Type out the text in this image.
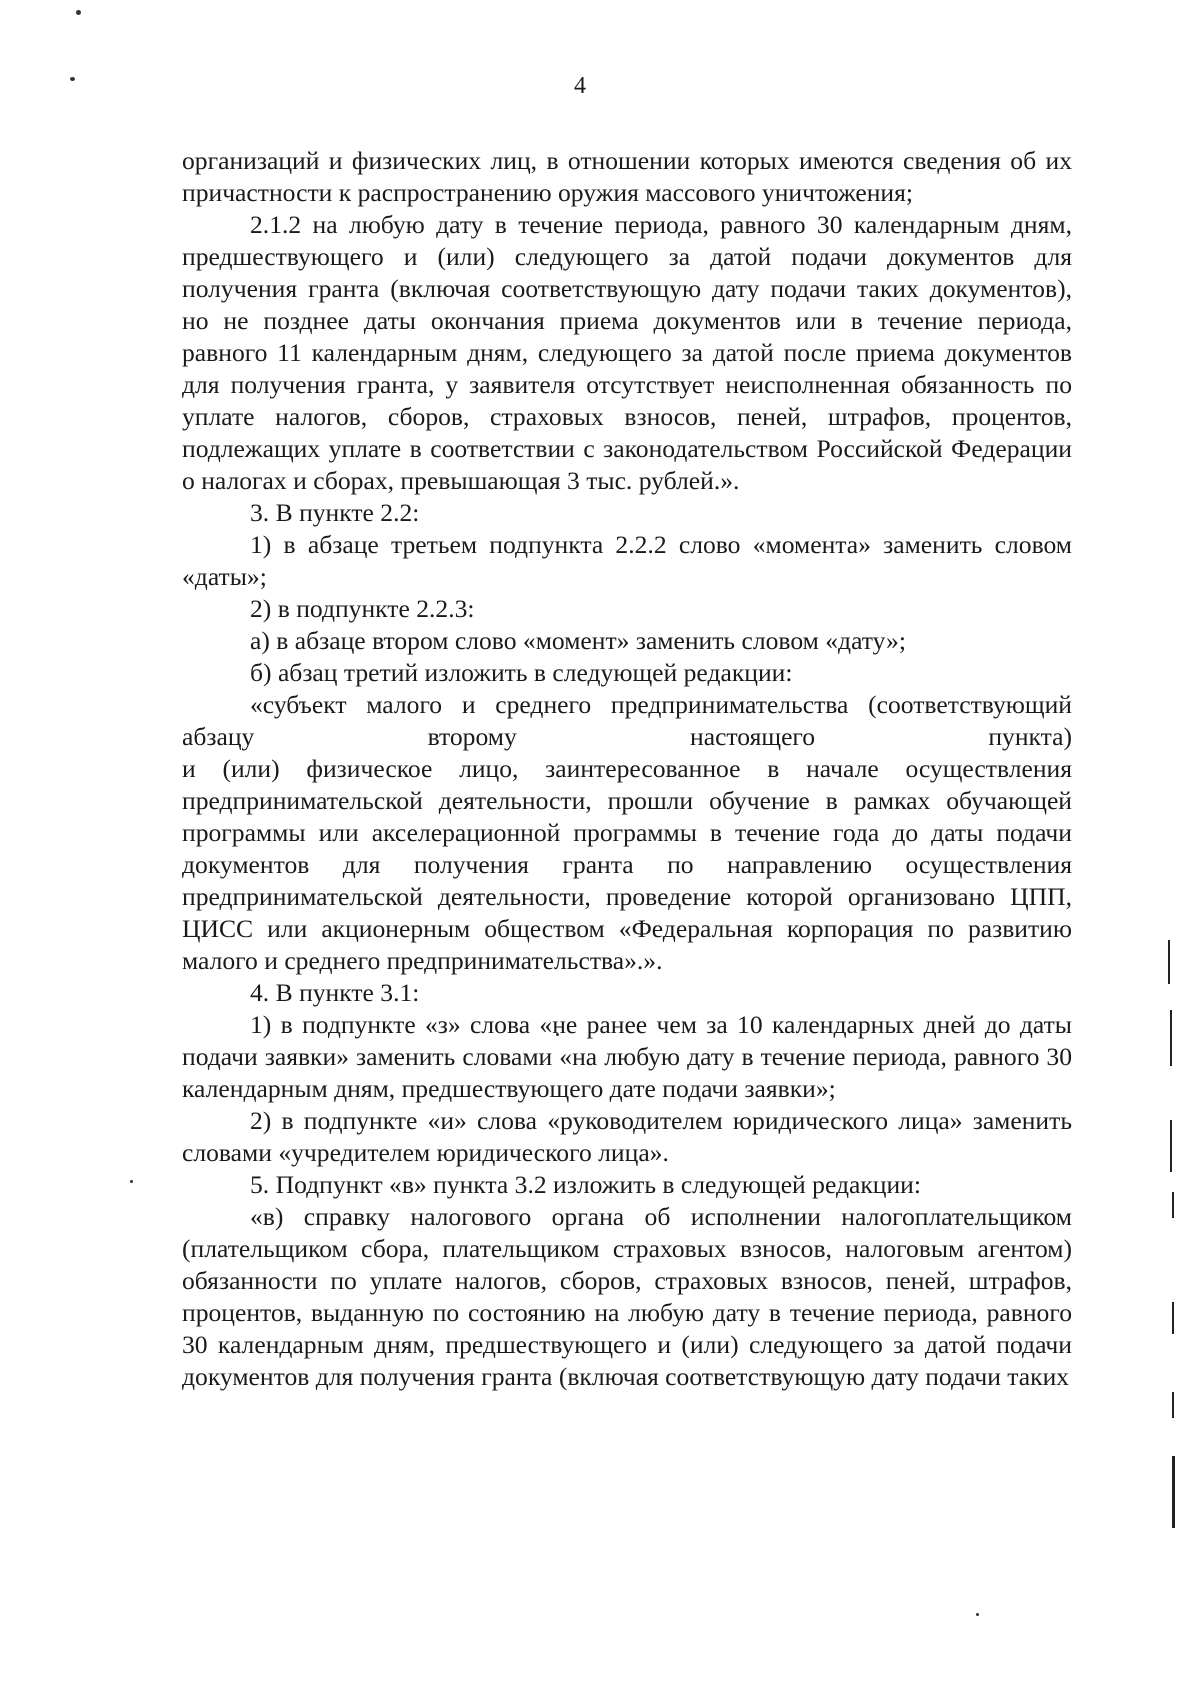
4

организаций и физических лиц, в отношении которых имеются сведения об их причастности к распространению оружия массового уничтожения;

2.1.2 на любую дату в течение периода, равного 30 календарным дням, предшествующего и (или) следующего за датой подачи документов для получения гранта (включая соответствующую дату подачи таких документов), но не позднее даты окончания приема документов или в течение периода, равного 11 календарным дням, следующего за датой после приема документов для получения гранта, у заявителя отсутствует неисполненная обязанность по уплате налогов, сборов, страховых взносов, пеней, штрафов, процентов, подлежащих уплате в соответствии с законодательством Российской Федерации о налогах и сборах, превышающая 3 тыс. рублей.».

3. В пункте 2.2:

1) в абзаце третьем подпункта 2.2.2 слово «момента» заменить словом «даты»;

2) в подпункте 2.2.3:

а) в абзаце втором слово «момент» заменить словом «дату»;

б) абзац третий изложить в следующей редакции:

«субъект малого и среднего предпринимательства (соответствующий абзацу второму настоящего пункта)

и (или) физическое лицо, заинтересованное в начале осуществления предпринимательской деятельности, прошли обучение в рамках обучающей программы или акселерационной программы в течение года до даты подачи документов для получения гранта по направлению осуществления предпринимательской деятельности, проведение которой организовано ЦПП, ЦИСС или акционерным обществом «Федеральная корпорация по развитию малого и среднего предпринимательства».».

4. В пункте 3.1:

1) в подпункте «з» слова «не ранее чем за 10 календарных дней до даты подачи заявки» заменить словами «на любую дату в течение периода, равного 30 календарным дням, предшествующего дате подачи заявки»;

2) в подпункте «и» слова «руководителем юридического лица» заменить словами «учредителем юридического лица».

5. Подпункт «в» пункта 3.2 изложить в следующей редакции:

«в) справку налогового органа об исполнении налогоплательщиком (плательщиком сбора, плательщиком страховых взносов, налоговым агентом) обязанности по уплате налогов, сборов, страховых взносов, пеней, штрафов, процентов, выданную по состоянию на любую дату в течение периода, равного 30 календарным дням, предшествующего и (или) следующего за датой подачи документов для получения гранта (включая соответствующую дату подачи таких
